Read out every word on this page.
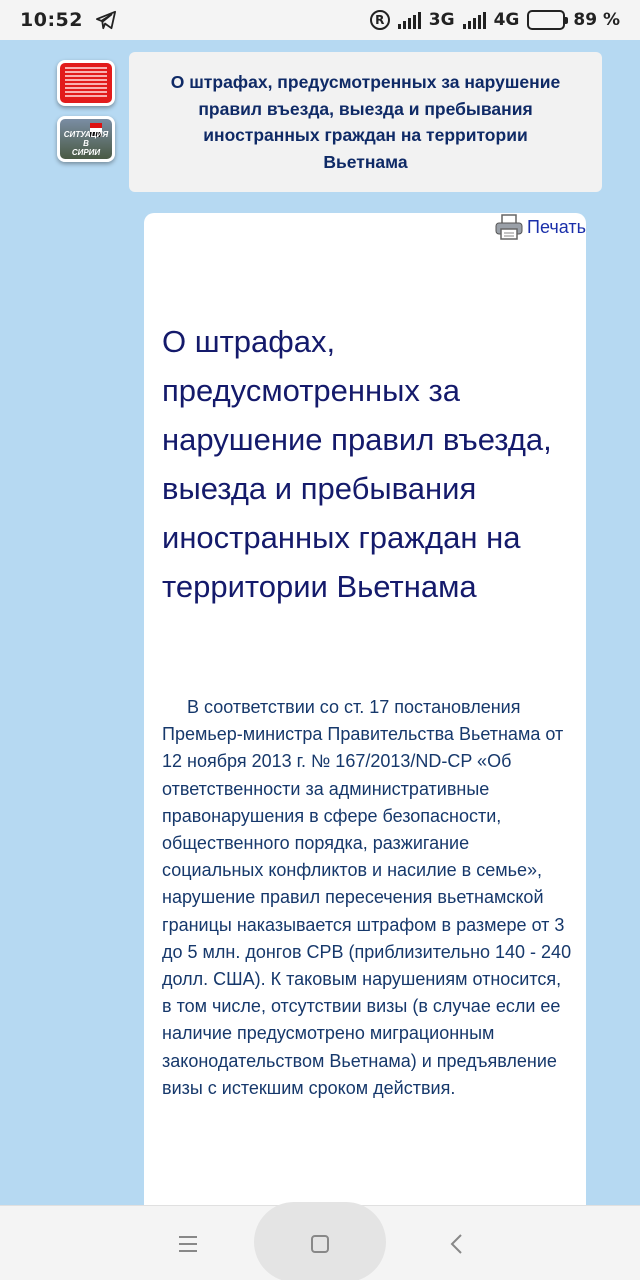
10:52	R	3G 4G	89 %
СИТУАЦИЯ
В
СИРИИ
О штрафах, предусмотренных за нарушение правил въезда, выезда и пребывания иностранных граждан на территории Вьетнама
Печать
О штрафах, предусмотренных за нарушение правил въезда, выезда и пребывания иностранных граждан на территории Вьетнама

В соответствии со ст. 17 постановления Премьер-министра Правительства Вьетнама от 12 ноября 2013 г. № 167/2013/ND-CP «Об ответственности за административные правонарушения в сфере безопасности, общественного порядка, разжигание социальных конфликтов и насилие в семье», нарушение правил пересечения вьетнамской границы наказывается штрафом в размере от 3 до 5 млн. донгов СРВ (приблизительно 140 - 240 долл. США). К таковым нарушениям относится, в том числе, отсутствии визы (в случае если ее наличие предусмотрено миграционным законодательством Вьетнама) и предъявление визы с истекшим сроком действия.
